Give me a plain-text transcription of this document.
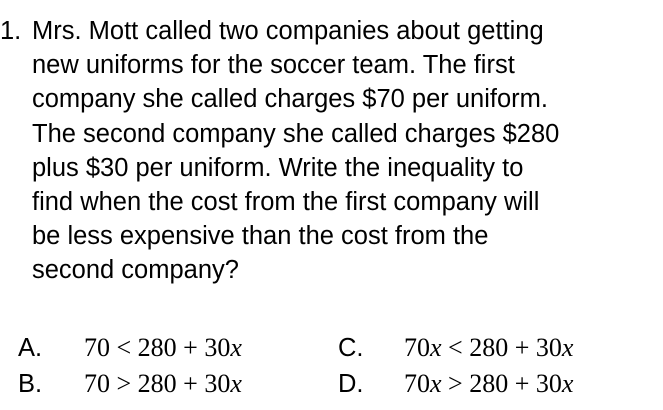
1. Mrs. Mott called two companies about getting
new uniforms for the soccer team. The first
company she called charges $70 per uniform.
The second company she called charges $280
plus $30 per uniform. Write the inequality to
find when the cost from the first company will
be less expensive than the cost from the
second company?
A. 70 < 280 + 30x
B. 70 > 280 + 30x
C. 70x < 280 + 30x
D. 70x > 280 + 30x
